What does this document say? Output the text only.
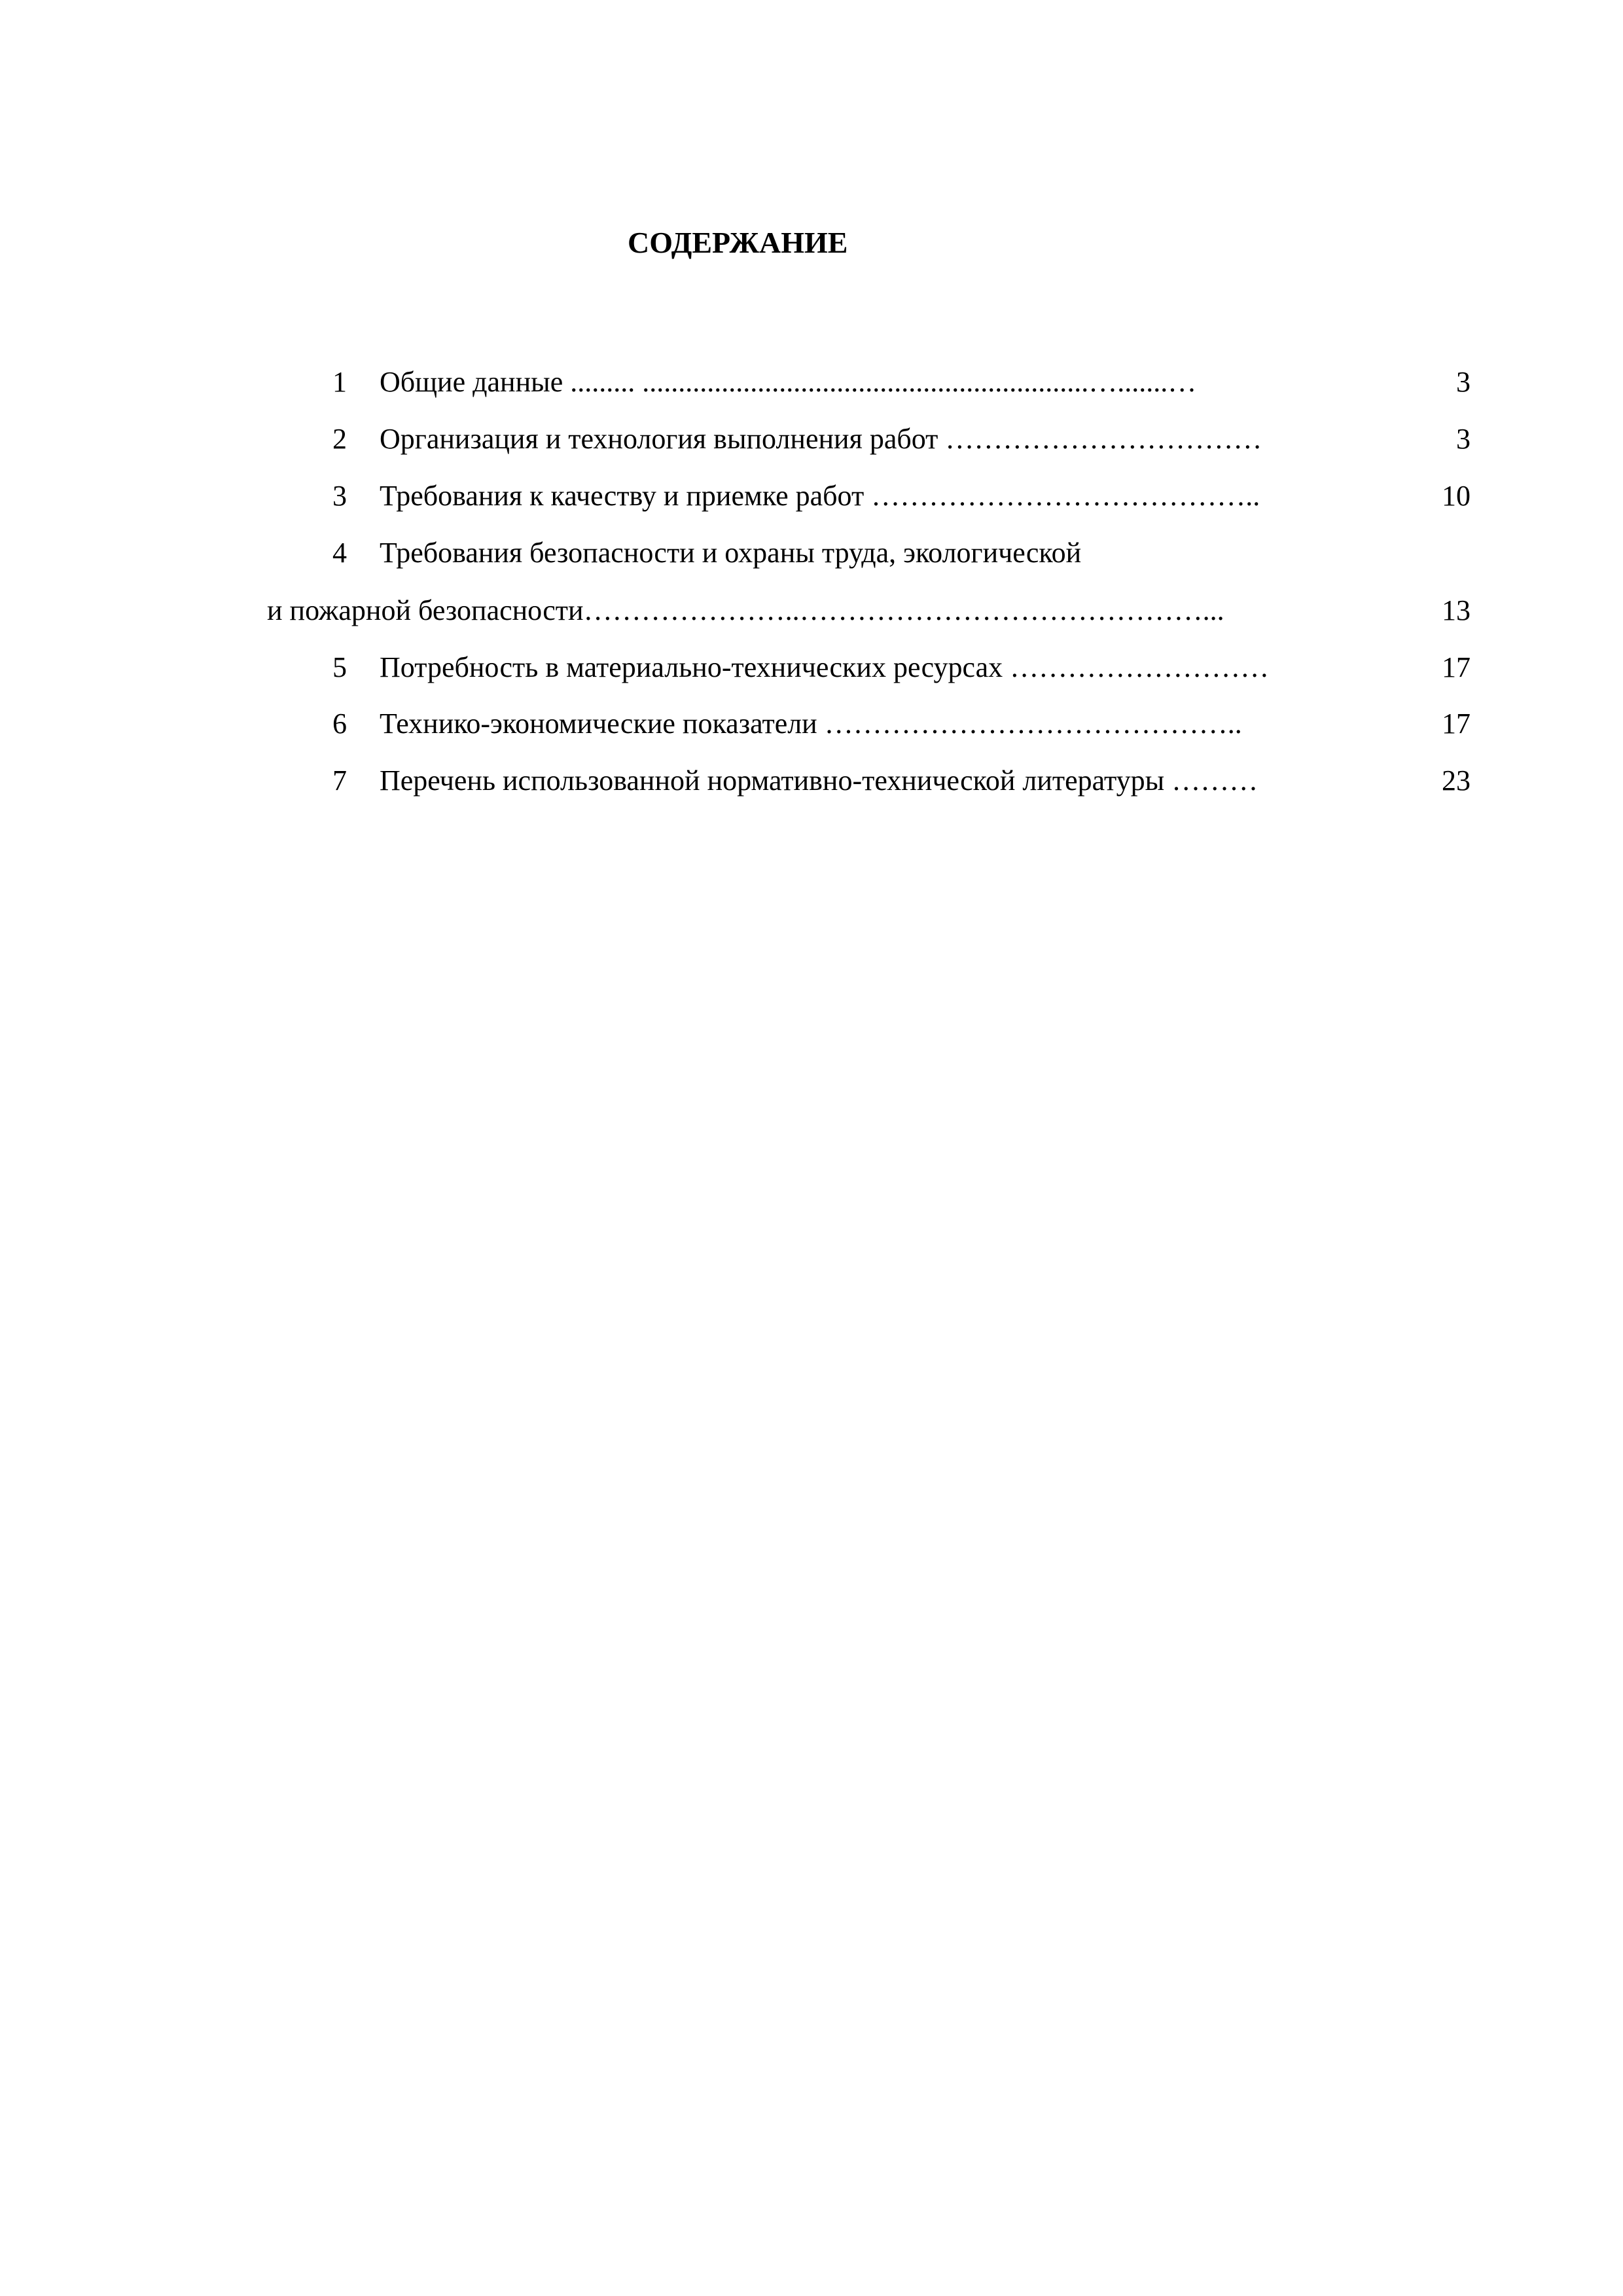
СОДЕРЖАНИЕ
1 Общие данные ......... ..............................................................….......…	3
2 Организация и технология выполнения работ ……………………………	3
3 Требования к качеству и приемке работ …………………………………..	10
4 Требования безопасности и охраны труда, экологической
и пожарной безопасности…………………..……………………………………...	13
5 Потребность в материально-технических ресурсах ………………………	17
6 Технико-экономические показатели ……………………………………..	17
7 Перечень использованной нормативно-технической литературы ………	23
